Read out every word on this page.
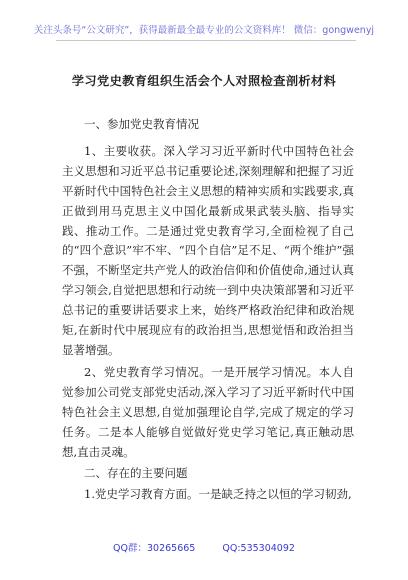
关注头条号“公文研究”，获得最新最全最专业的公文资料库！ 微信：gongwenyj
学习党史教育组织生活会个人对照检查剖析材料
一、参加党史教育情况

1、主要收获。深入学习习近平新时代中国特色社会主义思想和习近平总书记重要论述,深刻理解和把握了习近平新时代中国特色社会主义思想的精神实质和实践要求,真正做到用马克思主义中国化最新成果武装头脑、指导实践、推动工作。二是通过党史教育学习,全面检视了自己的“四个意识”牢不牢、“四个自信”足不足、“两个维护”强不强，不断坚定共产党人的政治信仰和价值使命,通过认真学习领会,自觉把思想和行动统一到中央决策部署和习近平总书记的重要讲话要求上来，始终严格政治纪律和政治规矩,在新时代中展现应有的政治担当,思想觉悟和政治担当显著增强。

2、党史教育学习情况。一是开展学习情况。本人自觉参加公司党支部党史活动,深入学习了习近平新时代中国特色社会主义思想,自觉加强理论自学,完成了规定的学习任务。二是本人能够自觉做好党史学习笔记,真正触动思想,直击灵魂。

二、存在的主要问题

1.党史学习教育方面。一是缺乏持之以恒的学习韧劲,

QQ群：30265665	QQ:535304092
